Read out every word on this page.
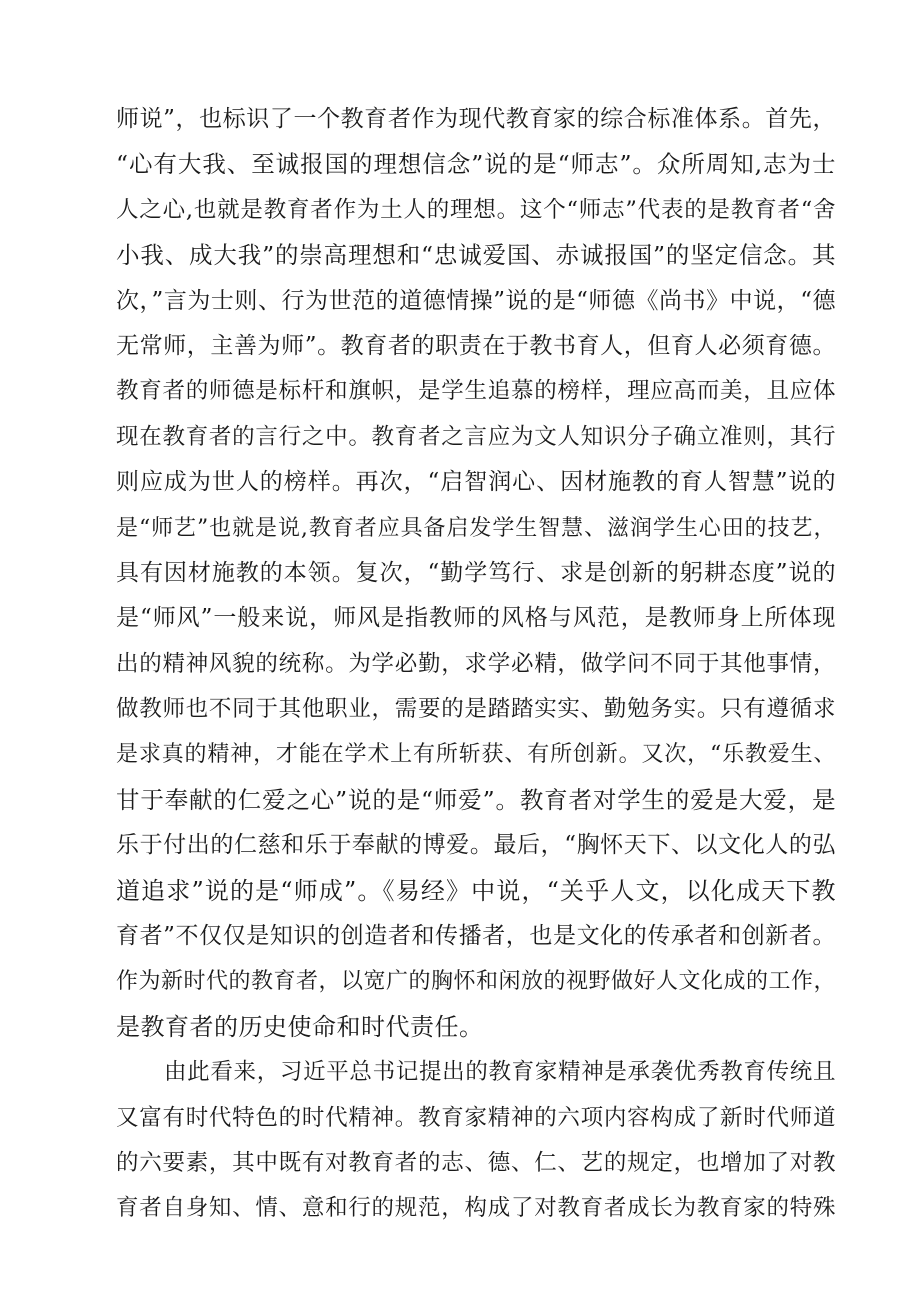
师说”，也标识了一个教育者作为现代教育家的综合标准体系。首先，
“心有大我、至诚报国的理想信念”说的是“师志”。众所周知,志为士
人之心,也就是教育者作为土人的理想。这个“师志”代表的是教育者“舍
小我、成大我”的崇高理想和“忠诚爱国、赤诚报国”的坚定信念。其
次，”言为士则、行为世范的道德情操”说的是“师德《尚书》中说，“德
无常师，主善为师”。教育者的职责在于教书育人，但育人必须育德。
教育者的师德是标杆和旗帜，是学生追慕的榜样，理应高而美，且应体
现在教育者的言行之中。教育者之言应为文人知识分子确立准则，其行
则应成为世人的榜样。再次，“启智润心、因材施教的育人智慧”说的
是“师艺”也就是说,教育者应具备启发学生智慧、滋润学生心田的技艺，
具有因材施教的本领。复次，“勤学笃行、求是创新的躬耕态度”说的
是“师风”一般来说，师风是指教师的风格与风范，是教师身上所体现
出的精神风貌的统称。为学必勤，求学必精，做学问不同于其他事情，
做教师也不同于其他职业，需要的是踏踏实实、勤勉务实。只有遵循求
是求真的精神，才能在学术上有所斩获、有所创新。又次，“乐教爱生、
甘于奉献的仁爱之心”说的是“师爱”。教育者对学生的爱是大爱，是
乐于付出的仁慈和乐于奉献的博爱。最后，“胸怀天下、以文化人的弘
道追求”说的是“师成”。《易经》中说，“关乎人文，以化成天下教
育者”不仅仅是知识的创造者和传播者，也是文化的传承者和创新者。
作为新时代的教育者，以宽广的胸怀和闲放的视野做好人文化成的工作，
是教育者的历史使命和时代责任。
由此看来，习近平总书记提出的教育家精神是承袭优秀教育传统且
又富有时代特色的时代精神。教育家精神的六项内容构成了新时代师道
的六要素，其中既有对教育者的志、德、仁、艺的规定，也增加了对教
育者自身知、情、意和行的规范，构成了对教育者成长为教育家的特殊
